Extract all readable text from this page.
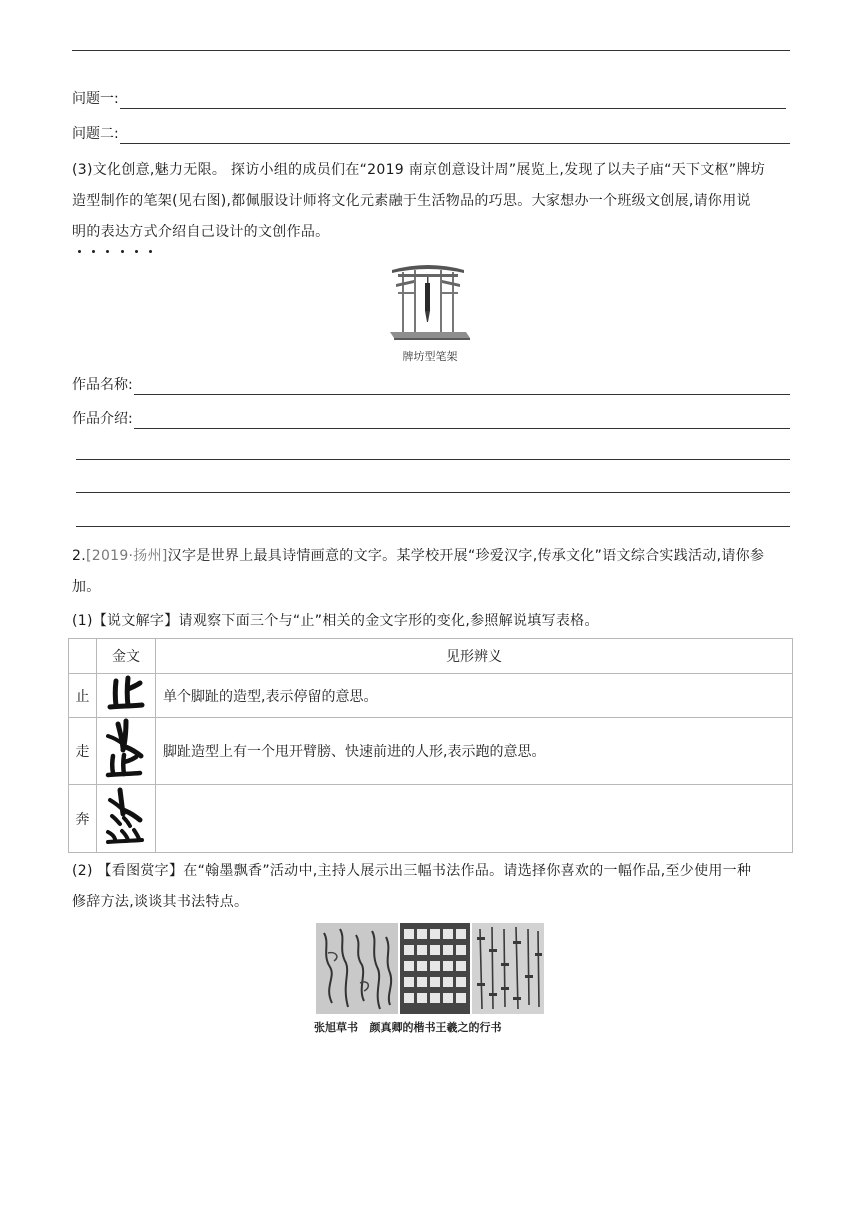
问题一:
问题二:
(3)文化创意,魅力无限。 探访小组的成员们在“2019 南京创意设计周”展览上,发现了以夫子庙“天下文枢”牌坊
造型制作的笔架(见右图),都佩服设计师将文化元素融于生活物品的巧思。大家想办一个班级文创展,请你用说
明的表达方式介绍自己设计的文创作品。
牌坊型笔架
作品名称:
作品介绍:
2.[2019·扬州]汉字是世界上最具诗情画意的文字。某学校开展“珍爱汉字,传承文化”语文综合实践活动,请你参
加。
(1)【说文解字】请观察下面三个与“止”相关的金文字形的变化,参照解说填写表格。
	金文	见形辨义
止		单个脚趾的造型,表示停留的意思。
走		脚趾造型上有一个甩开臂膀、快速前进的人形,表示跑的意思。
奔		
(2) 【看图赏字】在“翰墨飘香”活动中,主持人展示出三幅书法作品。请选择你喜欢的一幅作品,至少使用一种
修辞方法,谈谈其书法特点。
张旭草书   颜真卿的楷书王羲之的行书
